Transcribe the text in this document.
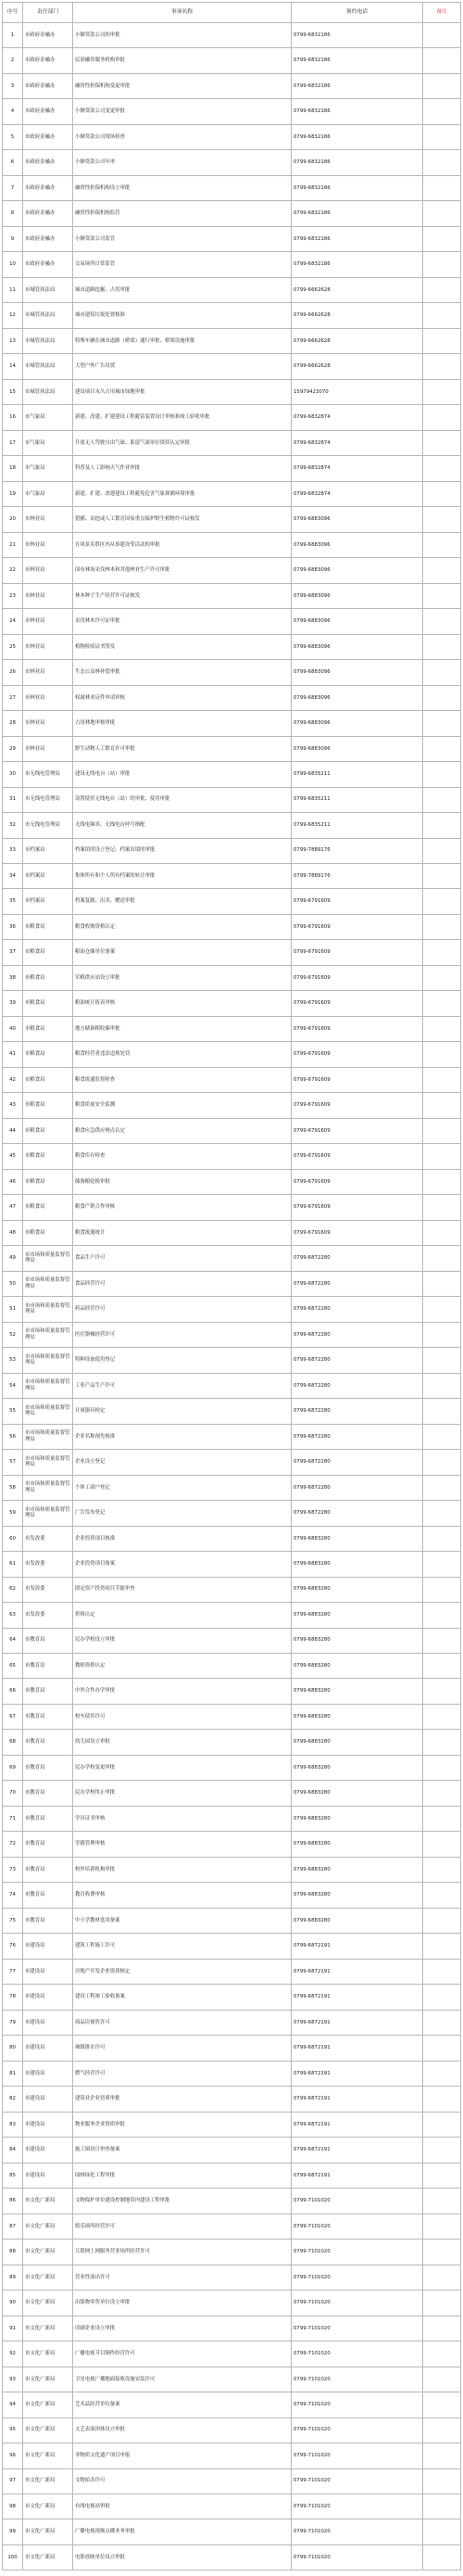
序号	责任部门	事项名称	预约电话	备注
1	市政府金融办	小额贷款公司的审批	0799-6832186	
2	市政府金融办	民间融资服务机构审批	0799-6832186	
3	市政府金融办	融资性担保机构变更审批	0799-6832186	
4	市政府金融办	小额贷款公司变更审批	0799-6832186	
5	市政府金融办	小额贷款公司现场检查	0799-6832186	
6	市政府金融办	小额贷款公司年审	0799-6832186	
7	市政府金融办	融资性担保机构设立审批	0799-6832186	
8	市政府金融办	融资性担保机构监管	0799-6832186	
9	市政府金融办	小额贷款公司监管	0799-6832186	
10	市政府金融办	交易场所日常监管	0799-6832186	
11	市城管执法局	城市道路挖掘、占用审批	0799-6662628	
12	市城管执法局	城市建筑垃圾处置核准	0799-6662628	
13	市城管执法局	特殊车辆在城市道路（桥梁）通行审批、桥梁设施审批	0799-6662628	
14	市城管执法局	大型户外广告设置	0799-6662628	
15	市城管执法局	建设项目永久占用城市绿地审批	15979423070	
16	市气象局	新建、改建、扩建建设工程避雷装置设计审核和竣工验收审批	0799-6832874	
17	市气象局	升放无人驾驶自由气球、系留气球单位资质认定审批	0799-6832874	
18	市气象局	科普及人工影响天气作业审批	0799-6832874	
19	市气象局	新建、扩建、改建建设工程避免危害气象探测环境审批	0799-6832874	
20	市林业局	猎捕、采挖或人工繁育国家重点保护野生植物许可证核发	0799-6883096	
21	市林业局	在风景名胜区内从事建设等活动的审批	0799-6883096	
22	市林业局	国有林场采伐林木和其他林业生产许可审批	0799-6883096	
23	市林业局	林木种子生产经营许可证核发	0799-6883096	
24	市林业局	采伐林木许可证审批	0799-6883096	
25	市林业局	植物检疫证书签发	0799-6883096	
26	市林业局	生态公益林补偿审批	0799-6883096	
27	市林业局	权属林业证件申请审核	0799-6883096	
28	市林业局	占用林地审核审批	0799-6883096	
29	市林业局	野生动物人工繁育许可审批	0799-6883096	
30	市无线电管理局	建设无线电台（站）审批	0799-6835211	
31	市无线电管理局	设置使用无线电台（站）的审批、使用审批	0799-6835211	
32	市无线电管理局	无线电频率、无线电台呼号指配	0799-6835211	
33	市档案局	档案馆的设立登记、档案出境的审批	0799-7889176	
34	市档案局	集体所有和个人所有档案的转让审批	0799-7889176	
35	市档案局	档案复制、出卖、赠送审批	0799-6791609	
36	市粮食局	粮食收购资格认定	0799-6791609	
37	市粮食局	粮油仓储单位备案	0799-6791609	
38	市粮食局	军粮供应站设立审批	0799-6791609	
39	市粮食局	粮油统计报表审核	0799-6791609	
40	市粮食局	地方储备粮收储审批	0799-6791609	
41	市粮食局	粮食经营者违法违规处罚	0799-6791609	
42	市粮食局	粮食流通监督检查	0799-6791609	
43	市粮食局	粮食质量安全监测	0799-6791609	
44	市粮食局	粮食应急供应网点认定	0799-6791609	
45	市粮食局	粮食库存检查	0799-6791609	
46	市粮食局	储备粮轮换审批	0799-6791609	
47	市粮食局	粮食产销合作审核	0799-6791609	
48	市粮食局	粮食流通统计	0799-6791609	
49	市市场和质量监督管理局	食品生产许可	0799-6872280	
50	市市场和质量监督管理局	食品经营许可	0799-6872280	
51	市市场和质量监督管理局	药品经营许可	0799-6872280	
52	市市场和质量监督管理局	医疗器械经营许可	0799-6872280	
53	市市场和质量监督管理局	特种设备使用登记	0799-6872280	
54	市市场和质量监督管理局	工业产品生产许可	0799-6872280	
55	市市场和质量监督管理局	计量器具检定	0799-6872280	
56	市市场和质量监督管理局	企业名称预先核准	0799-6872280	
57	市市场和质量监督管理局	企业设立登记	0799-6872280	
58	市市场和质量监督管理局	个体工商户登记	0799-6872280	
59	市市场和质量监督管理局	广告发布登记	0799-6872280	
60	市发改委	企业投资项目核准	0799-6883280	
61	市发改委	企业投资项目备案	0799-6883280	
62	市发改委	固定资产投资项目节能审查	0799-6883280	
63	市发改委	价格认定	0799-6883280	
64	市教育局	民办学校设立审批	0799-6883280	
65	市教育局	教师资格认定	0799-6883280	
66	市教育局	中外合作办学审批	0799-6883280	
67	市教育局	校车使用许可	0799-6883280	
68	市教育局	幼儿园设立审批	0799-6883280	
69	市教育局	民办学校变更审批	0799-6883280	
70	市教育局	民办学校终止审批	0799-6883280	
71	市教育局	学历证书审核	0799-6883280	
72	市教育局	学籍管理审核	0799-6883280	
73	市教育局	校外培训机构审批	0799-6883280	
74	市教育局	教育收费审核	0799-6883280	
75	市教育局	中小学教材选用备案	0799-6883280	
76	市建设局	建筑工程施工许可	0799-6872191	
77	市建设局	房地产开发企业资质核定	0799-6872191	
78	市建设局	建设工程竣工验收备案	0799-6872191	
79	市建设局	商品房预售许可	0799-6872191	
80	市建设局	城镇排水许可	0799-6872191	
81	市建设局	燃气经营许可	0799-6872191	
82	市建设局	建筑业企业资质审批	0799-6872191	
83	市建设局	物业服务企业资质审批	0799-6872191	
84	市建设局	施工图设计审查备案	0799-6872191	
85	市建设局	园林绿化工程审批	0799-6872191	
86	市文化广新局	文物保护单位建设控制地带内建设工程审批	0799-7101020	
87	市文化广新局	娱乐场所经营许可	0799-7101020	
88	市文化广新局	互联网上网服务营业场所经营许可	0799-7101020	
89	市文化广新局	营业性演出许可	0799-7101020	
90	市文化广新局	出版物零售单位设立审批	0799-7101020	
91	市文化广新局	印刷企业设立审批	0799-7101020	
92	市文化广新局	广播电视节目制作经营许可	0799-7101020	
93	市文化广新局	卫星电视广播地面接收设施安装许可	0799-7101020	
94	市文化广新局	艺术品经营单位备案	0799-7101020	
95	市文化广新局	文艺表演团体设立审批	0799-7101020	
96	市文化广新局	非物质文化遗产项目申报	0799-7101020	
97	市文化广新局	文物拍卖许可	0799-7101020	
98	市文化广新局	有线电视站审批	0799-7101020	
99	市文化广新局	广播电视视频点播业务审批	0799-7101020	
100	市文化广新局	电影放映单位设立审批	0799-7101020	
